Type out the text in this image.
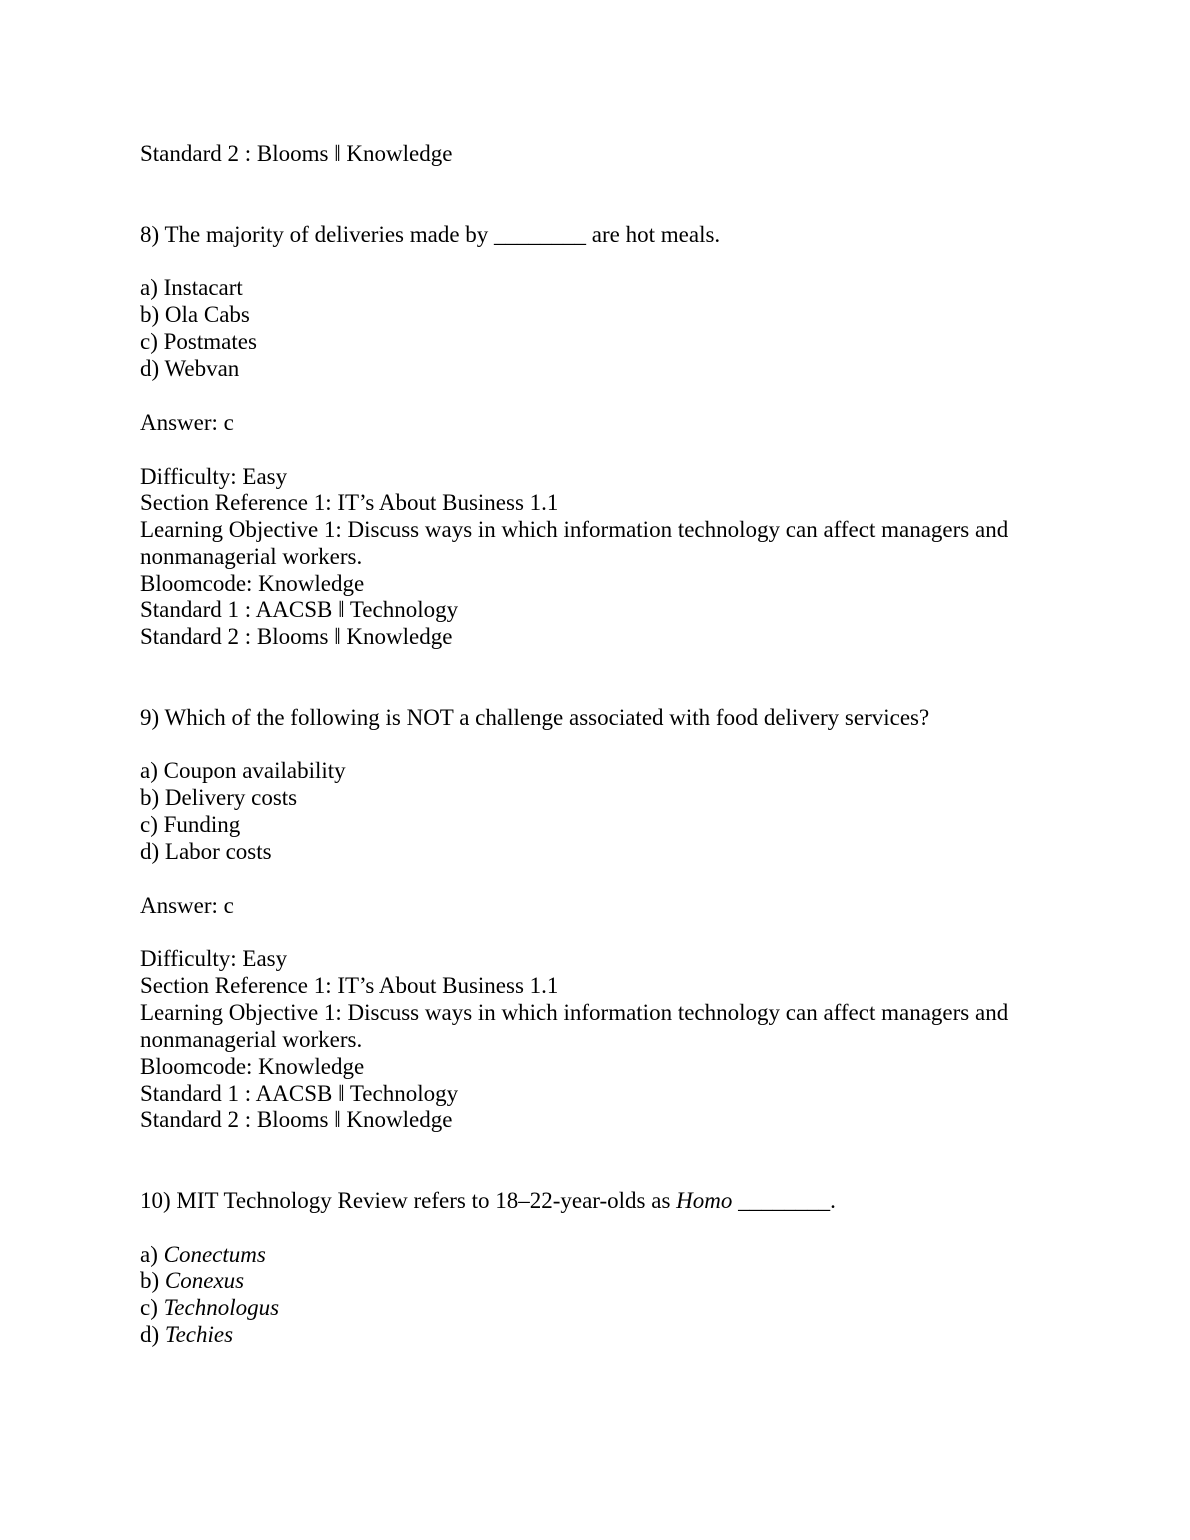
Standard 2 : Blooms ‖ Knowledge
8) The majority of deliveries made by ________ are hot meals.
a) Instacart
b) Ola Cabs
c) Postmates
d) Webvan
Answer: c
Difficulty: Easy
Section Reference 1: IT’s About Business 1.1
Learning Objective 1: Discuss ways in which information technology can affect managers and
nonmanagerial workers.
Bloomcode: Knowledge
Standard 1 : AACSB ‖ Technology
Standard 2 : Blooms ‖ Knowledge
9) Which of the following is NOT a challenge associated with food delivery services?
a) Coupon availability
b) Delivery costs
c) Funding
d) Labor costs
Answer: c
Difficulty: Easy
Section Reference 1: IT’s About Business 1.1
Learning Objective 1: Discuss ways in which information technology can affect managers and
nonmanagerial workers.
Bloomcode: Knowledge
Standard 1 : AACSB ‖ Technology
Standard 2 : Blooms ‖ Knowledge
10) MIT Technology Review refers to 18–22-year-olds as Homo ________.
a) Conectums
b) Conexus
c) Technologus
d) Techies
